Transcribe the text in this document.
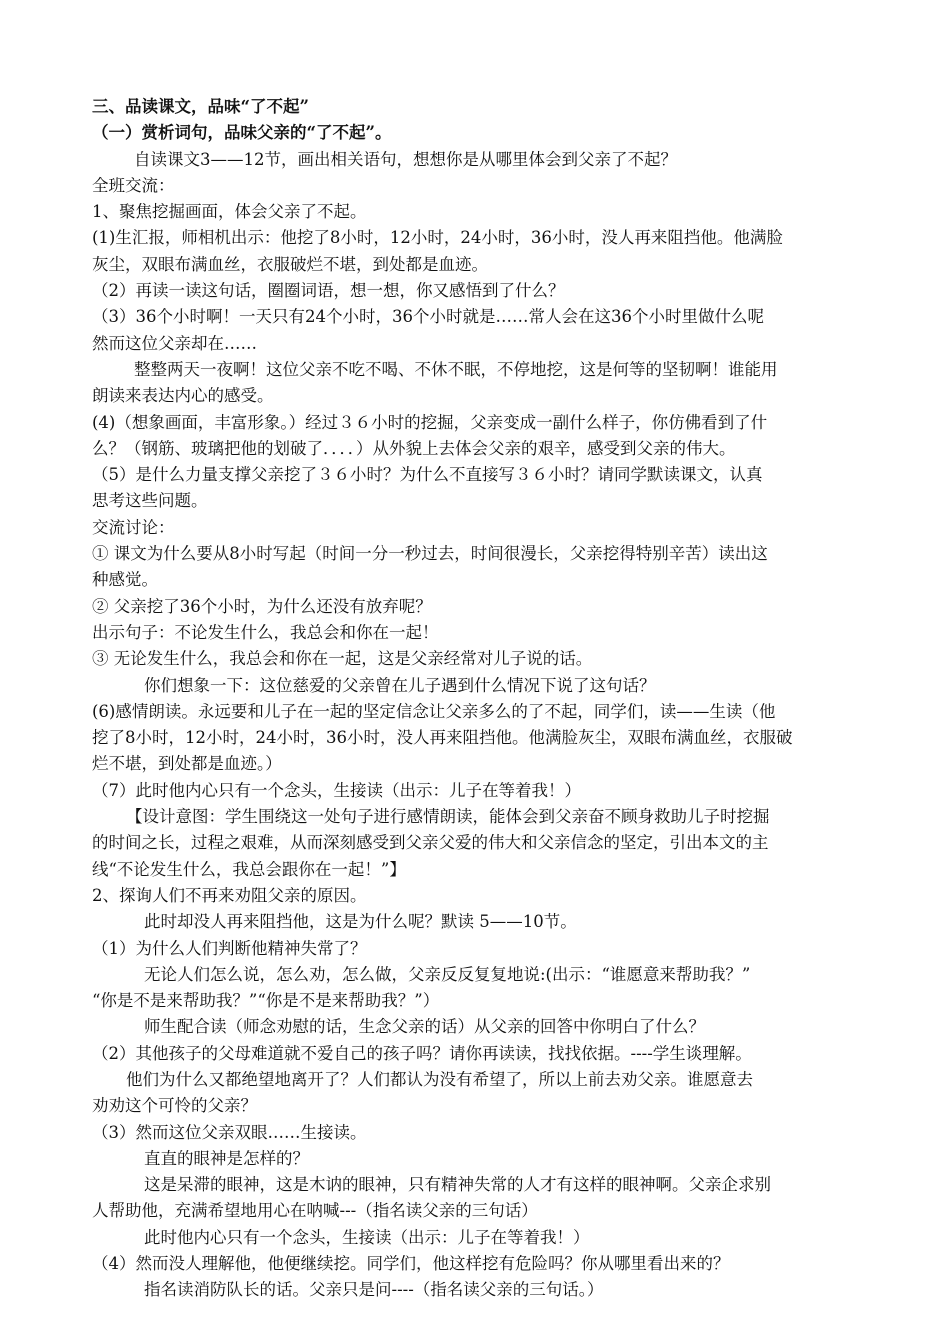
三、品读课文，品味“了不起”
（一）赏析词句，品味父亲的“了不起”。
自读课文3——12节，画出相关语句，想想你是从哪里体会到父亲了不起？
全班交流：
1、聚焦挖掘画面，体会父亲了不起。
(1)生汇报，师相机出示：他挖了8小时，12小时，24小时，36小时，没人再来阻挡他。他满脸
灰尘，双眼布满血丝，衣服破烂不堪，到处都是血迹。
（2）再读一读这句话，圈圈词语，想一想，你又感悟到了什么？
（3）36个小时啊！一天只有24个小时，36个小时就是……常人会在这36个小时里做什么呢
然而这位父亲却在……
整整两天一夜啊！这位父亲不吃不喝、不休不眠，不停地挖，这是何等的坚韧啊！谁能用
朗读来表达内心的感受。
(4)（想象画面，丰富形象。）经过３６小时的挖掘，父亲变成一副什么样子，你仿佛看到了什
么？（钢筋、玻璃把他的划破了．．．．）从外貌上去体会父亲的艰辛，感受到父亲的伟大。
（5）是什么力量支撑父亲挖了３６小时？为什么不直接写３６小时？请同学默读课文，认真
思考这些问题。
交流讨论：
① 课文为什么要从8小时写起（时间一分一秒过去，时间很漫长，父亲挖得特别辛苦）读出这
种感觉。
② 父亲挖了36个小时，为什么还没有放弃呢？
出示句子：不论发生什么，我总会和你在一起！
③ 无论发生什么，我总会和你在一起，这是父亲经常对儿子说的话。
你们想象一下：这位慈爱的父亲曾在儿子遇到什么情况下说了这句话？
(6)感情朗读。永远要和儿子在一起的坚定信念让父亲多么的了不起，同学们，读——生读（他
挖了8小时，12小时，24小时，36小时，没人再来阻挡他。他满脸灰尘，双眼布满血丝，衣服破
烂不堪，到处都是血迹。）
（7）此时他内心只有一个念头，生接读（出示：儿子在等着我！）
【设计意图：学生围绕这一处句子进行感情朗读，能体会到父亲奋不顾身救助儿子时挖掘
的时间之长，过程之艰难，从而深刻感受到父亲父爱的伟大和父亲信念的坚定，引出本文的主
线“不论发生什么，我总会跟你在一起！”】
2、探询人们不再来劝阻父亲的原因。
此时却没人再来阻挡他，这是为什么呢？默读 5——10节。
（1）为什么人们判断他精神失常了？
无论人们怎么说，怎么劝，怎么做，父亲反反复复地说:(出示：“谁愿意来帮助我？”
“你是不是来帮助我？”“你是不是来帮助我？”）
师生配合读（师念劝慰的话，生念父亲的话）从父亲的回答中你明白了什么？
（2）其他孩子的父母难道就不爱自己的孩子吗？请你再读读，找找依据。----学生谈理解。
他们为什么又都绝望地离开了？人们都认为没有希望了，所以上前去劝父亲。谁愿意去
劝劝这个可怜的父亲？
（3）然而这位父亲双眼……生接读。
直直的眼神是怎样的？
这是呆滞的眼神，这是木讷的眼神，只有精神失常的人才有这样的眼神啊。父亲企求别
人帮助他，充满希望地用心在呐喊---（指名读父亲的三句话）
此时他内心只有一个念头，生接读（出示：儿子在等着我！）
（4）然而没人理解他，他便继续挖。同学们，他这样挖有危险吗？你从哪里看出来的？
指名读消防队长的话。父亲只是问----（指名读父亲的三句话。）
